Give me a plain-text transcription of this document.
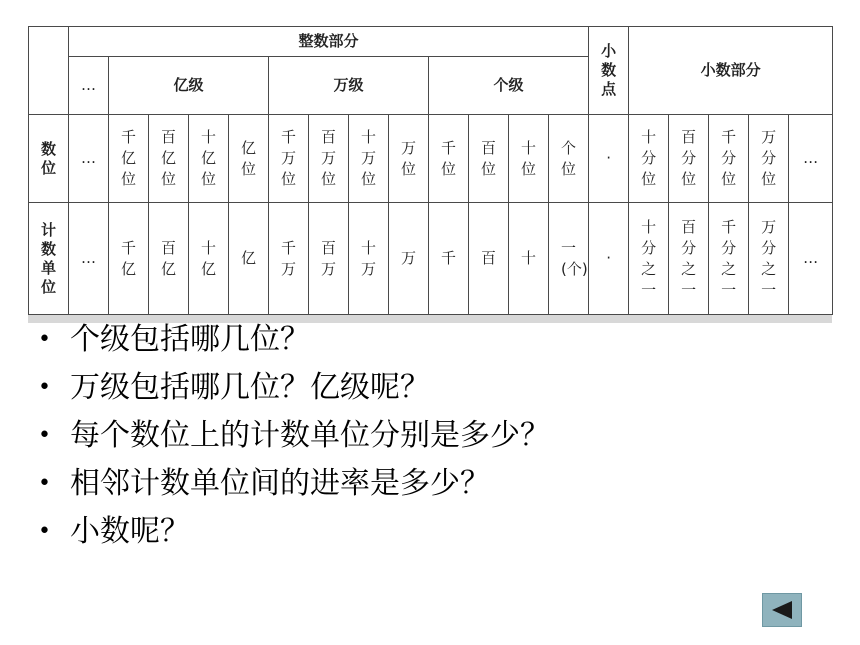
	整数部分													小数点	小数部分				
	…	亿级				万级				个级									
数位	…	千亿位	百亿位	十亿位	亿位	千万位	百万位	十万位	万位	千位	百位	十位	个位	·	十分位	百分位	千分位	万分位	…
计数单位	…	千亿	百亿	十亿	亿	千万	百万	十万	万	千	百	十	一(个)	·	十分之一	百分之一	千分之一	万分之一	…
• 个级包括哪几位？
• 万级包括哪几位？亿级呢？
• 每个数位上的计数单位分别是多少？
• 相邻计数单位间的进率是多少？
• 小数呢？
